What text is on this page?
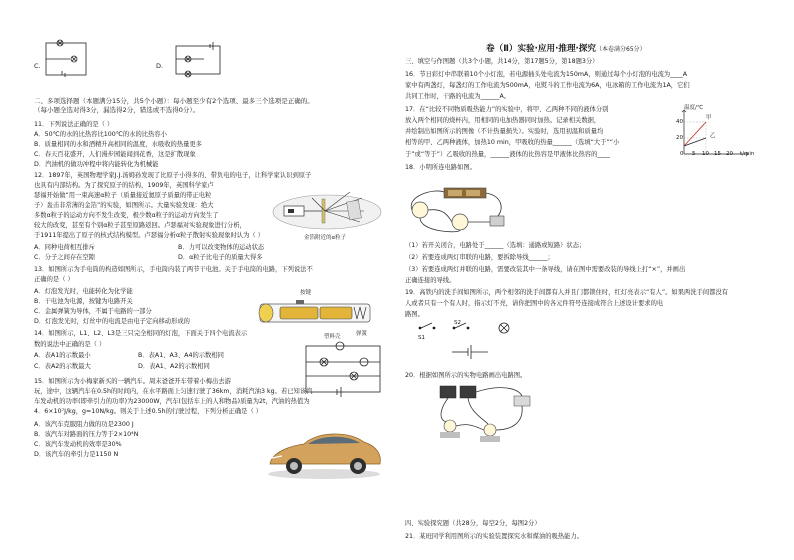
C.	D.
二、多项选择题（本题满分15分，共5个小题）：每小题至少有2个选项、最多三个选项是正确的。
（每小题全选对得3分，漏选得2分，错选或不选得0分）。
11．下列说法正确的是（ ）
A．50℃的水的比热容比100℃的水的比热容小
B．质量相同的水和酒精升高相同的温度，水吸收的热量更多
C．春天百花盛开，人们漫步园能闻到花香，这是扩散现象
D．汽油机的做功冲程中将内能转化为机械能
12．1897年，英国物理学家J.J.汤姆孙发现了比原子小得多的、带负电的电子，让科学家认识到原子
也具有内部结构。为了探究原子的结构，1909年，英国科学家卢
瑟福开始做“用一束高速α粒子（质量接近氦原子质量的带正电粒
子）轰击非常薄的金箔”的实验，如图所示。大量实验发现：绝大
多数α粒子的运动方向不发生改变，极少数α粒子的运动方向发生了
较大的改变，甚至有个别α粒子甚至原路返回。卢瑟福对实验现象进行分析，
于1911年提出了原子的核式结构模型。卢瑟福分析α粒子散射实验现象时认为（ ）	金箔附近的α粒子
A．同种电荷相互排斥	B．力可以改变物体的运动状态
C．分子之间存在空隙	D．α粒子比电子的质量大得多
13．如图所示为手电筒的构造如图所示，手电筒内装了两节干电池。关于手电筒的电路，下列说法不
正确的是（ ）
A．灯泡发光时，电能转化为化学能
B．干电池为电源，按键为电路开关
C．金属弹簧为导体，不属于电路的一部分
D．灯泡发光时，灯丝中的电流是由电子定向移动形成的
按键
弹簧
塑料壳
14．如图所示，L1、L2、L3是三只完全相同的灯泡，下面关于四个电流表示
数的说法中正确的是（ ）
A．表A1的示数最小	B．表A1、A3、A4的示数相同
C．表A2的示数最大	D．表A1、A2的示数相同
15．如图所示为小梅家新买的一辆汽车。周末爸爸开车带着小梅出去游
玩，途中，这辆汽车在0.5h的时间内，在水平路面上匀速行驶了36km，消耗汽油3 kg。若已知该汽
车发动机的功率(即牵引力的功率)为23000W，汽车(包括车上的人和物品)质量为2t，汽油的热值为
4．6×10⁷J/kg，g=10N/kg。则关于上述0.5h的行驶过程，下列分析正确是（ ）
A．该汽车克服阻力做的功是2300 J
B．该汽车对路面的压力等于2×10⁴N
C．该汽车发动机的效率是30%
D．该汽车的牵引力是1150 N
卷（Ⅱ）实验·应用·推理·探究（本卷满分65分）
三、填空与作图题（共3个小题，共14分，第17题5分，第18题3分）
16．节日彩灯中串联着10个小灯泡，若电源插头处电流为150mA，则通过每个小灯泡的电流为____A
家中有两盏灯，每盏灯的工作电流为500mA，电熨斗的工作电流为6A，电冰箱的工作电流为1A，它们
共同工作时，干路的电流为______A。
17．在“比较不同物质吸热能力”的实验中，将甲、乙两种不同的液体分别
放入两个相同的烧杯内，用相同的电加热器同时加热。记录相关数据，
并绘制出如图所示的图像（不计热量损失）。实验时，选用初温和质量均
相等的甲、乙两种液体，加热10 min，甲吸收的热量______（选填“大于”“小
于”或“等于”）乙吸收的热量，______液体的比热容是甲液体比热容的____
温度/℃
t/min
甲
乙
40
20
0 5 10 15 20
18．小明所连电路如图。
（1）若开关闭合，电路处于______（选填：通路或短路）状态；
（2）若要连成两灯串联的电路，要拆除导线______；
（3）若要连成两灯并联的电路，需要改装其中一条导线，请在图中需要改装的导线上打“×”，并画出
正确连接的导线。
19．高铁内的洗手间如图所示，两个相邻的洗手间都有人并且门都锁住时，红灯亮表示“有人”。如果两洗手间都没有
人或者只有一个有人时，指示灯不亮，请你把图中的各元件符号连接成符合上述设计要求的电
路图。
S1
S2
20．根据如图所示的实物电路画出电路图。
四、实验探究题（共28分，每空2分，每图2分）
21．某班同学利用图所示的实验装置探究水和煤油的吸热能力。
